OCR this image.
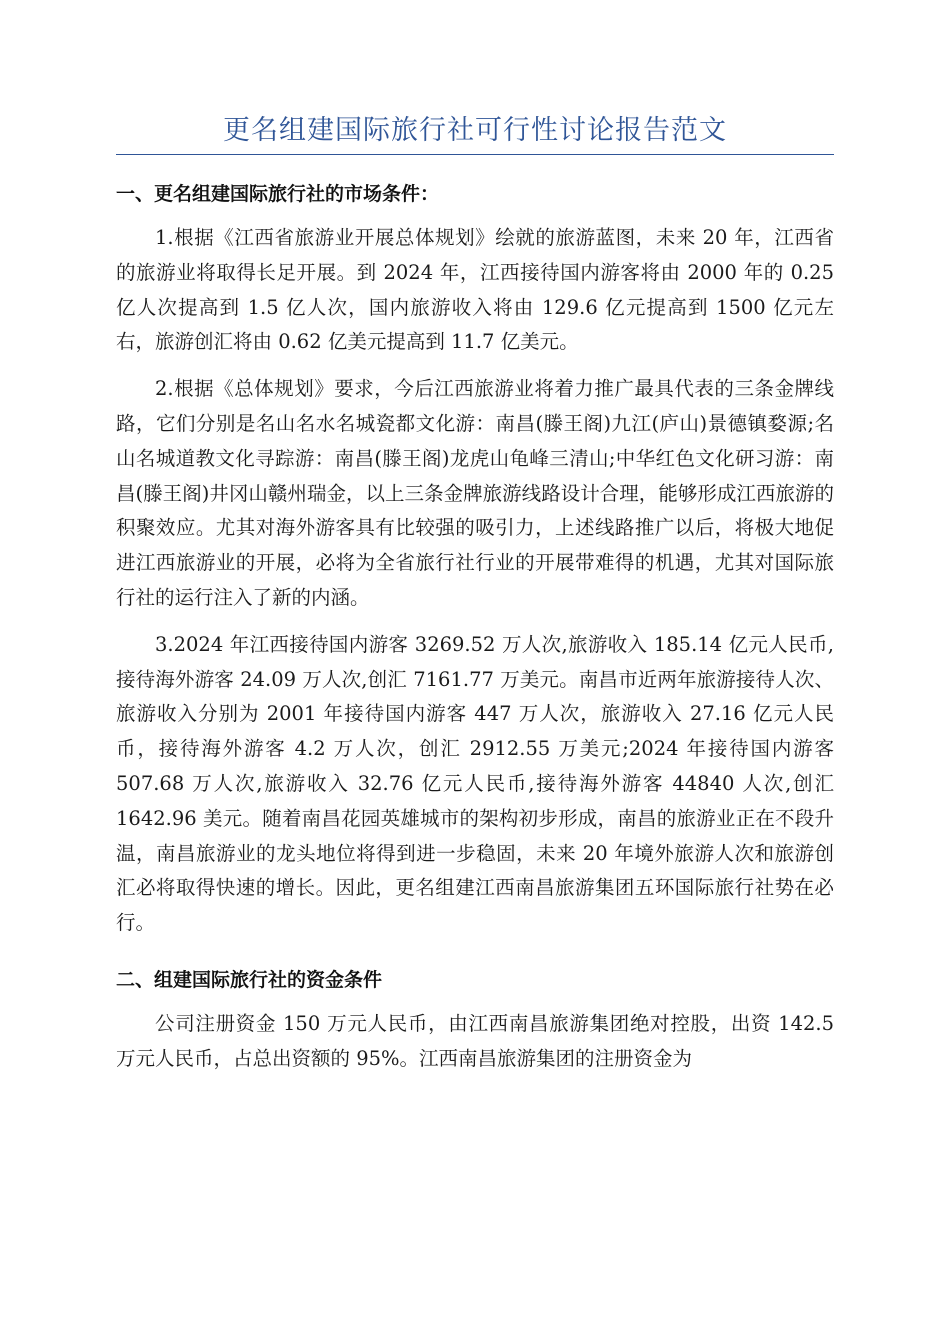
更名组建国际旅行社可行性讨论报告范文
一、更名组建国际旅行社的市场条件：

1.根据《江西省旅游业开展总体规划》绘就的旅游蓝图，未来 20 年，江西省的旅游业将取得长足开展。到 2024 年，江西接待国内游客将由 2000 年的 0.25 亿人次提高到 1.5 亿人次，国内旅游收入将由 129.6 亿元提高到 1500 亿元左右，旅游创汇将由 0.62 亿美元提高到 11.7 亿美元。

2.根据《总体规划》要求，今后江西旅游业将着力推广最具代表的三条金牌线路，它们分别是名山名水名城瓷都文化游：南昌(滕王阁)九江(庐山)景德镇婺源;名山名城道教文化寻踪游：南昌(滕王阁)龙虎山龟峰三清山;中华红色文化研习游：南昌(滕王阁)井冈山赣州瑞金，以上三条金牌旅游线路设计合理，能够形成江西旅游的积聚效应。尤其对海外游客具有比较强的吸引力，上述线路推广以后，将极大地促进江西旅游业的开展，必将为全省旅行社行业的开展带难得的机遇，尤其对国际旅行社的运行注入了新的内涵。

3.2024 年江西接待国内游客 3269.52 万人次,旅游收入 185.14 亿元人民币,接待海外游客 24.09 万人次,创汇 7161.77 万美元。南昌市近两年旅游接待人次、旅游收入分别为 2001 年接待国内游客 447 万人次，旅游收入 27.16 亿元人民币，接待海外游客 4.2 万人次，创汇 2912.55 万美元;2024 年接待国内游客 507.68 万人次,旅游收入 32.76 亿元人民币,接待海外游客 44840 人次,创汇 1642.96 美元。随着南昌花园英雄城市的架构初步形成，南昌的旅游业正在不段升温，南昌旅游业的龙头地位将得到进一步稳固，未来 20 年境外旅游人次和旅游创汇必将取得快速的增长。因此，更名组建江西南昌旅游集团五环国际旅行社势在必行。

二、组建国际旅行社的资金条件

公司注册资金 150 万元人民币，由江西南昌旅游集团绝对控股，出资 142.5 万元人民币，占总出资额的 95%。江西南昌旅游集团的注册资金为
